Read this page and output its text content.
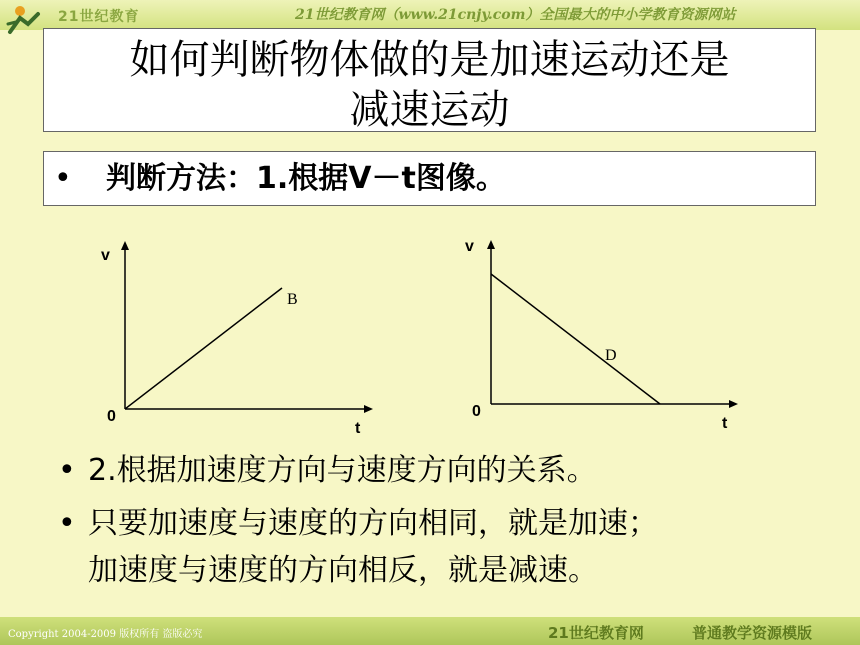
21世纪教育	21世纪教育网（www.21cnjy.com）全国最大的中小学教育资源网站
如何判断物体做的是加速运动还是
减速运动
• 判断方法：1.根据V－t图像。
v
t
0
B
v
t
0
D
• 2.根据加速度方向与速度方向的关系。
• 只要加速度与速度的方向相同，就是加速；
加速度与速度的方向相反，就是减速。
Copyright 2004-2009 版权所有 盗版必究	21世纪教育网	普通教学资源模版
